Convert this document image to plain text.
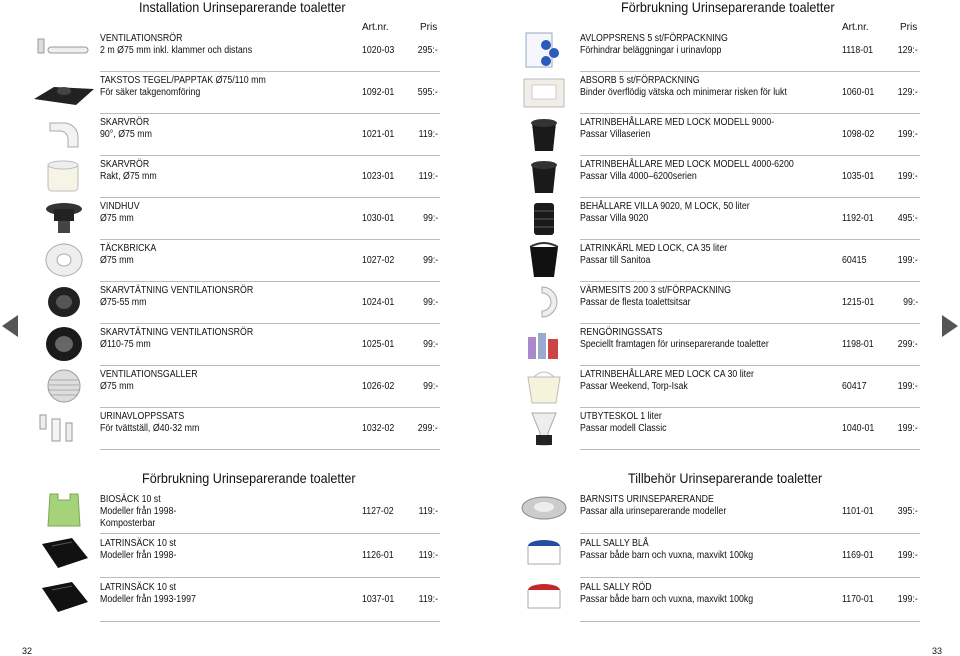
Installation Urinseparerande toaletter	Förbrukning Urinseparerande toaletter
Förbrukning Urinseparerande toaletter	Tillbehör Urinseparerande toaletter
Art.nr.	Pris	Art.nr.	Pris
VENTILATIONSRÖR
2 m Ø75 mm inkl. klammer och distans	1020-03 295:-
TAKSTOS TEGEL/PAPPTAK Ø75/110 mm
För säker takgenomföring	1092-01 595:-
SKARVRÖR
90°, Ø75 mm	1021-01 119:-
SKARVRÖR
Rakt, Ø75 mm	1023-01 119:-
VINDHUV
Ø75 mm	1030-01	99:-
TÄCKBRICKA
Ø75 mm	1027-02	99:-
SKARVTÄTNING VENTILATIONSRÖR
Ø75-55 mm	1024-01	99:-
SKARVTÄTNING VENTILATIONSRÖR
Ø110-75 mm	1025-01	99:-
VENTILATIONSGALLER
Ø75 mm	1026-02	99:-
URINAVLOPPSSATS
För tvättställ, Ø40-32 mm	1032-02 299:-
AVLOPPSRENS 5 st/FÖRPACKNING
Förhindrar beläggningar i urinavlopp	1118-01 129:-
ABSORB 5 st/FÖRPACKNING
Binder överflödig vätska och minimerar risken för lukt	1060-01 129:-
LATRINBEHÅLLARE MED LOCK MODELL 9000-
Passar Villaserien	1098-02 199:-
LATRINBEHÅLLARE MED LOCK MODELL 4000-6200
Passar Villa 4000–6200serien	1035-01 199:-
BEHÅLLARE VILLA 9020, M LOCK, 50 liter
Passar Villa 9020	1192-01 495:-
LATRINKÄRL MED LOCK, CA 35 liter
Passar till Sanitoa	60415	199:-
VÄRMESITS 200 3 st/FÖRPACKNING
Passar de flesta toalettsitsar	1215-01	99:-
RENGÖRINGSSATS
Speciellt framtagen för urinseparerande toaletter	1198-01 299:-
LATRINBEHÅLLARE MED LOCK CA 30 liter
Passar Weekend, Torp-Isak	60417	199:-
UTBYTESKOL 1 liter
Passar modell Classic	1040-01 199:-
BIOSÄCK 10 st
Modeller från 1998-
Komposterbar
1127-02 119:-
LATRINSÄCK 10 st
Modeller från 1998-	1126-01 119:-
LATRINSÄCK 10 st
Modeller från 1993-1997	1037-01 119:-
BARNSITS URINSEPARERANDE
Passar alla urinseparerande modeller	1101-01 395:-
PALL SALLY BLÅ
Passar både barn och vuxna, maxvikt 100kg	1169-01 199:-
PALL SALLY RÖD
Passar både barn och vuxna, maxvikt 100kg	1170-01 199:-
32	33
